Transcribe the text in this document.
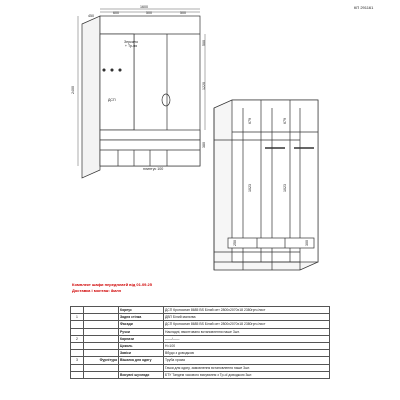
КП 291161
450
1600
600	500	500
2400
500
1220
380
плинтус 100
Зеркало
+ Тр-ня
ДСП
679	679
1023
250	300
1023
Комплект шафи передплатй від 01.09.25
Доставка і монтаж: 8млн
		Корпус	ДСП Кроноспан 8685 BS Білий онт 2800х2070х18 2380грн./лист
1		Задня стінка	ДВП Білий мальтва
		Фасади	ДСП Кроноспан 8685 BS Білий онт 2800х2070х18 2380грн./лист
		Ручки	Накладні, вмонтовано встановлення наше 3шт.
2		Карнизи	——/——
		Цоколь	Н=100
		Завіси	Вбудо з доводжою
3	Фурнітура	Вішалка для одягу	Труба хрома
			Гачки для одягу, замовлення встановлення наше 3шт.
		Висувні шухляди	БТУ Тандем часового висування з Тр-ої доводжою 3шт.
